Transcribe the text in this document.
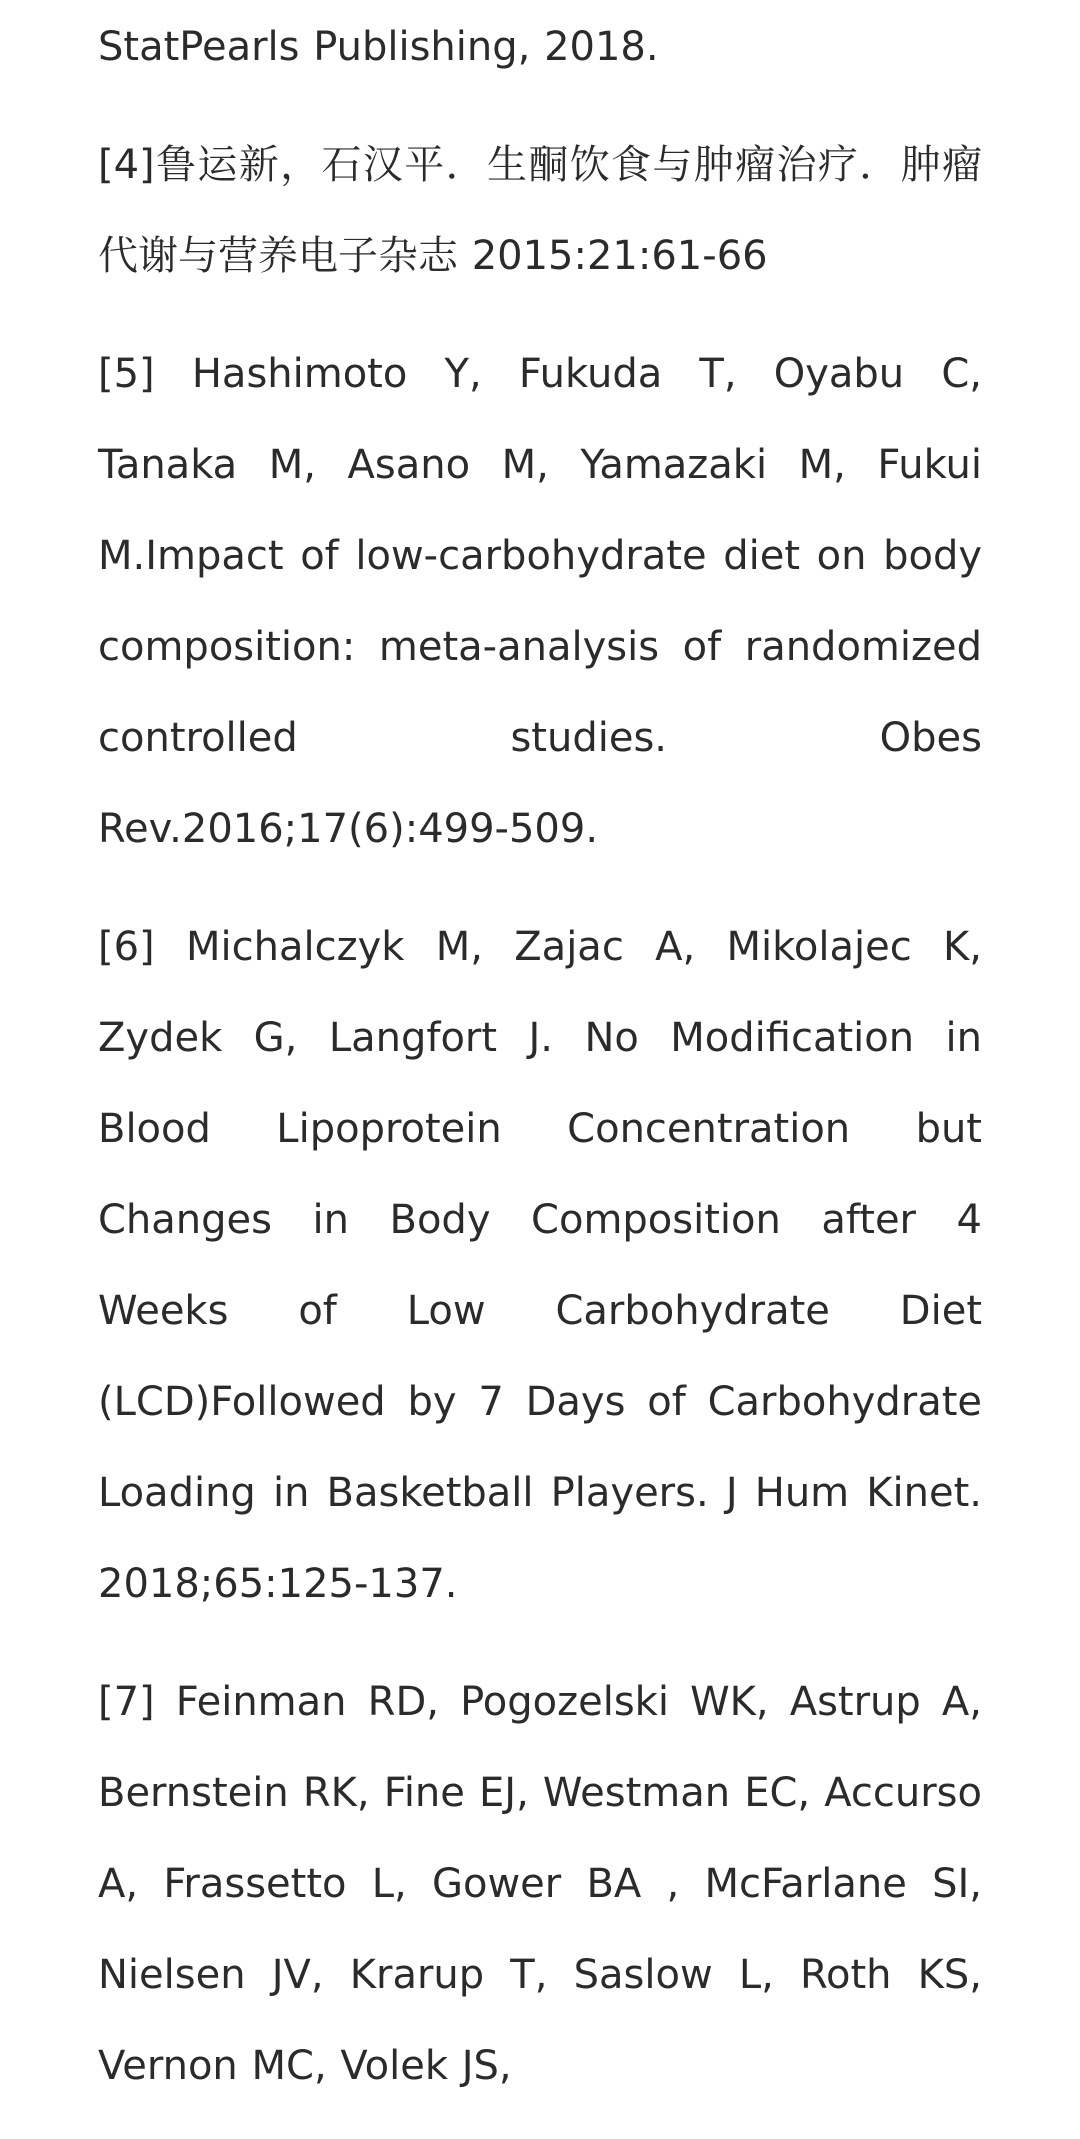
StatPearls Publishing, 2018.

[4]鲁运新，石汉平．生酮饮食与肿瘤治疗．肿瘤代谢与营养电子杂志 2015:21:61-66

[5] Hashimoto Y, Fukuda T, Oyabu C, Tanaka M, Asano M, Yamazaki M, Fukui M.Impact of low-carbohydrate diet on body composition: meta-analysis of randomized controlled studies. Obes Rev.2016;17(6):499-509.

[6] Michalczyk M, Zajac A, Mikolajec K, Zydek G, Langfort J. No Modification in Blood Lipoprotein Concentration but Changes in Body Composition after 4 Weeks of Low Carbohydrate Diet (LCD)Followed by 7 Days of Carbohydrate Loading in Basketball Players. J Hum Kinet. 2018;65:125-137.

[7] Feinman RD, Pogozelski WK, Astrup A, Bernstein RK, Fine EJ, Westman EC, Accurso A, Frassetto L, Gower BA , McFarlane SI, Nielsen JV, Krarup T, Saslow L, Roth KS, Vernon MC, Volek JS,
